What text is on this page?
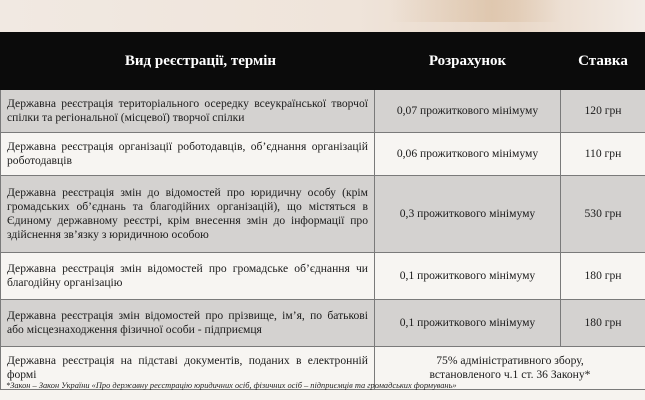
Вид реєстрації, термін	Розрахунок	Ставка
Державна реєстрація територіального осередку всеукраїнської творчої спілки та регіональної (місцевої) творчої спілки	0,07 прожиткового мінімуму	120 грн
Державна реєстрація організації роботодавців, об’єднання організацій роботодавців	0,06 прожиткового мінімуму	110 грн
Державна реєстрація змін до відомостей про юридичну особу (крім громадських об’єднань та благодійних організацій), що містяться в Єдиному державному реєстрі, крім внесення змін до інформації про здійснення зв’язку з юридичною особою	0,3 прожиткового мінімуму	530 грн
Державна реєстрація змін відомостей про громадське об’єднання чи благодійну організацію	0,1 прожиткового мінімуму	180 грн
Державна реєстрація змін відомостей про прізвище, ім’я, по батькові або місцезнаходження фізичної особи - підприємця	0,1 прожиткового мінімуму	180 грн
Державна реєстрація на підставі документів, поданих в електронній формі	75% адміністративного збору,
встановленого ч.1 ст. 36 Закону*	
*Закон – Закон України «Про державну реєстрацію юридичних осіб, фізичних осіб – підприємців та громадських формувань»
